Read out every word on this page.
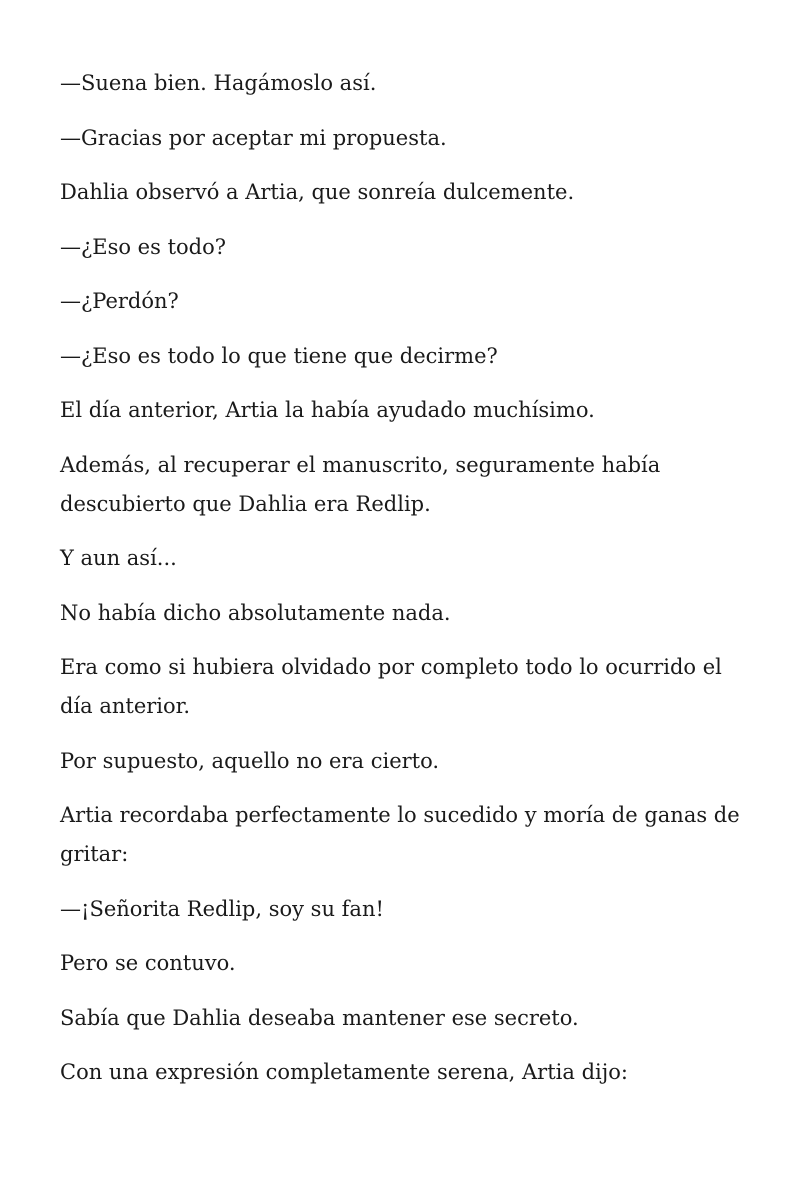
—Suena bien. Hagámoslo así.

—Gracias por aceptar mi propuesta.

Dahlia observó a Artia, que sonreía dulcemente.

—¿Eso es todo?

—¿Perdón?

—¿Eso es todo lo que tiene que decirme?

El día anterior, Artia la había ayudado muchísimo.

Además, al recuperar el manuscrito, seguramente había descubierto que Dahlia era Redlip.

Y aun así...

No había dicho absolutamente nada.

Era como si hubiera olvidado por completo todo lo ocurrido el día anterior.

Por supuesto, aquello no era cierto.

Artia recordaba perfectamente lo sucedido y moría de ganas de gritar:

—¡Señorita Redlip, soy su fan!

Pero se contuvo.

Sabía que Dahlia deseaba mantener ese secreto.

Con una expresión completamente serena, Artia dijo:
